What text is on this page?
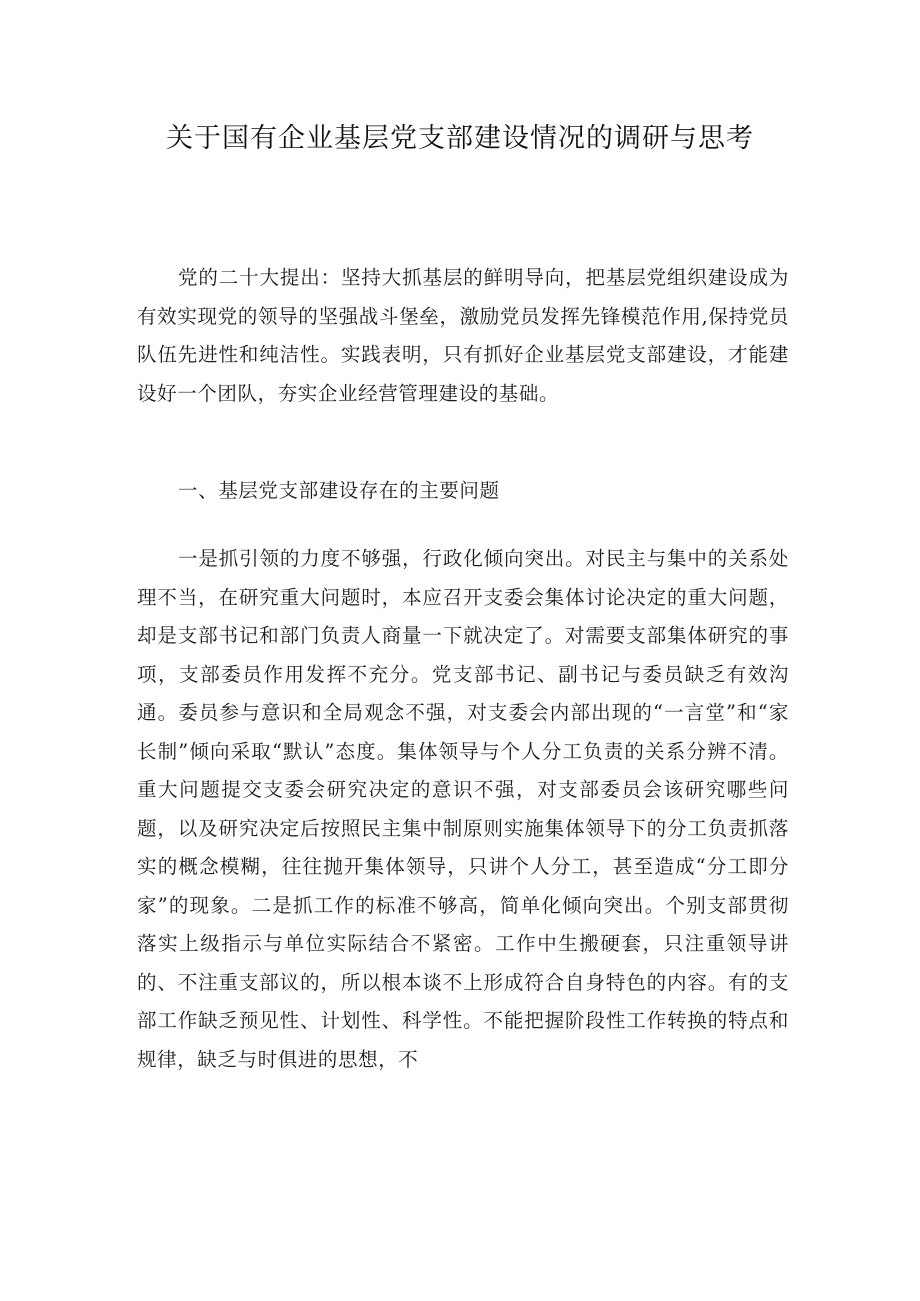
关于国有企业基层党支部建设情况的调研与思考

党的二十大提出：坚持大抓基层的鲜明导向，把基层党组织建设成为有效实现党的领导的坚强战斗堡垒，激励党员发挥先锋模范作用,保持党员队伍先进性和纯洁性。实践表明，只有抓好企业基层党支部建设，才能建设好一个团队，夯实企业经营管理建设的基础。

一、基层党支部建设存在的主要问题

一是抓引领的力度不够强，行政化倾向突出。对民主与集中的关系处理不当，在研究重大问题时，本应召开支委会集体讨论决定的重大问题，却是支部书记和部门负责人商量一下就决定了。对需要支部集体研究的事项，支部委员作用发挥不充分。党支部书记、副书记与委员缺乏有效沟通。委员参与意识和全局观念不强，对支委会内部出现的“一言堂”和“家长制”倾向采取“默认”态度。集体领导与个人分工负责的关系分辨不清。重大问题提交支委会研究决定的意识不强，对支部委员会该研究哪些问题，以及研究决定后按照民主集中制原则实施集体领导下的分工负责抓落实的概念模糊，往往抛开集体领导，只讲个人分工，甚至造成“分工即分家”的现象。二是抓工作的标准不够高，简单化倾向突出。个别支部贯彻落实上级指示与单位实际结合不紧密。工作中生搬硬套，只注重领导讲的、不注重支部议的，所以根本谈不上形成符合自身特色的内容。有的支部工作缺乏预见性、计划性、科学性。不能把握阶段性工作转换的特点和规律，缺乏与时俱进的思想，不
